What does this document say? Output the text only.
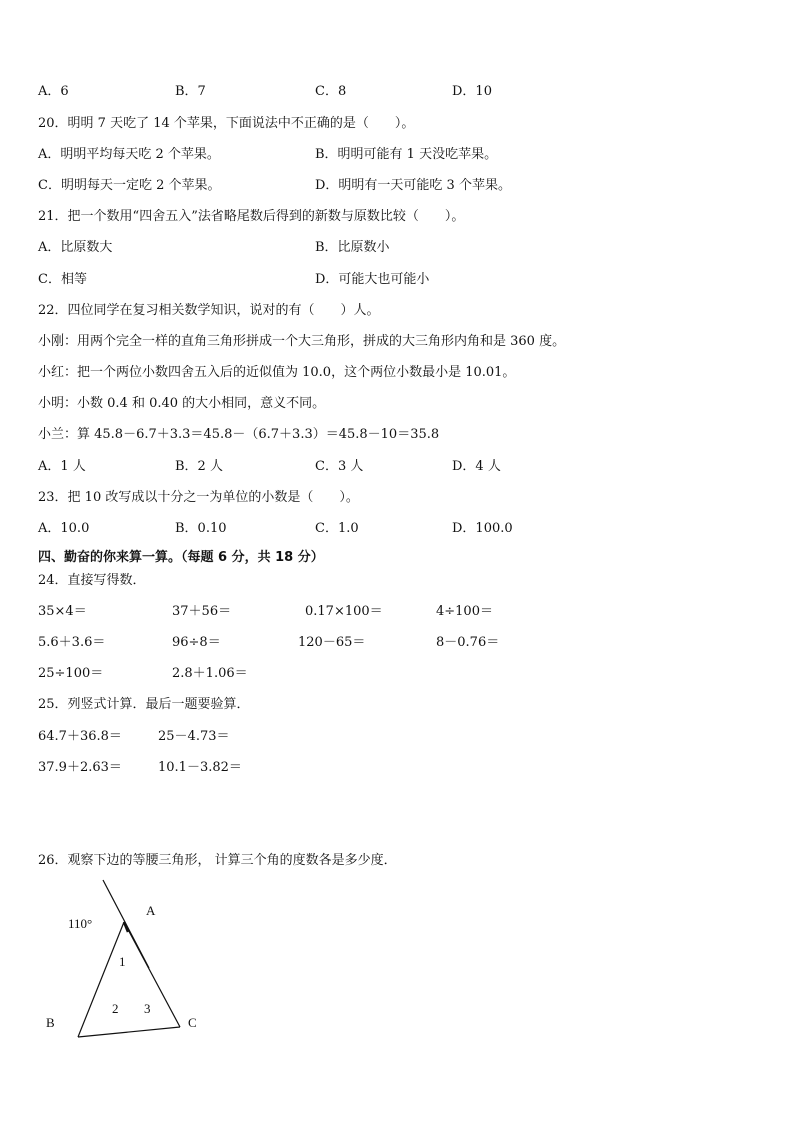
A．6	B．7	C．8	D．10
20．明明 7 天吃了 14 个苹果，下面说法中不正确的是（　　）。
A．明明平均每天吃 2 个苹果。	B．明明可能有 1 天没吃苹果。
C．明明每天一定吃 2 个苹果。	D．明明有一天可能吃 3 个苹果。
21．把一个数用“四舍五入”法省略尾数后得到的新数与原数比较（　　）。
A．比原数大	B．比原数小
C．相等	D．可能大也可能小
22．四位同学在复习相关数学知识，说对的有（　　）人。
小刚：用两个完全一样的直角三角形拼成一个大三角形，拼成的大三角形内角和是 360 度。
小红：把一个两位小数四舍五入后的近似值为 10.0，这个两位小数最小是 10.01。
小明：小数 0.4 和 0.40 的大小相同，意义不同。
小兰：算 45.8－6.7＋3.3＝45.8－（6.7＋3.3）＝45.8－10＝35.8
A．1 人	B．2 人	C．3 人	D．4 人
23．把 10 改写成以十分之一为单位的小数是（　　）。
A．10.0	B．0.10	C．1.0	D．100.0
四、勤奋的你来算一算。（每题 6 分，共 18 分）
24．直接写得数．
35×4＝	37＋56＝	0.17×100＝	4÷100＝
5.6＋3.6＝	96÷8＝	120－65＝	8－0.76＝
25÷100＝	2.8＋1.06＝
25．列竖式计算．最后一题要验算．
64.7＋36.8＝	25－4.73＝
37.9＋2.63＝	10.1－3.82＝
26．观察下边的等腰三角形， 计算三个角的度数各是多少度．
110°
A
B	C
1
2 3
